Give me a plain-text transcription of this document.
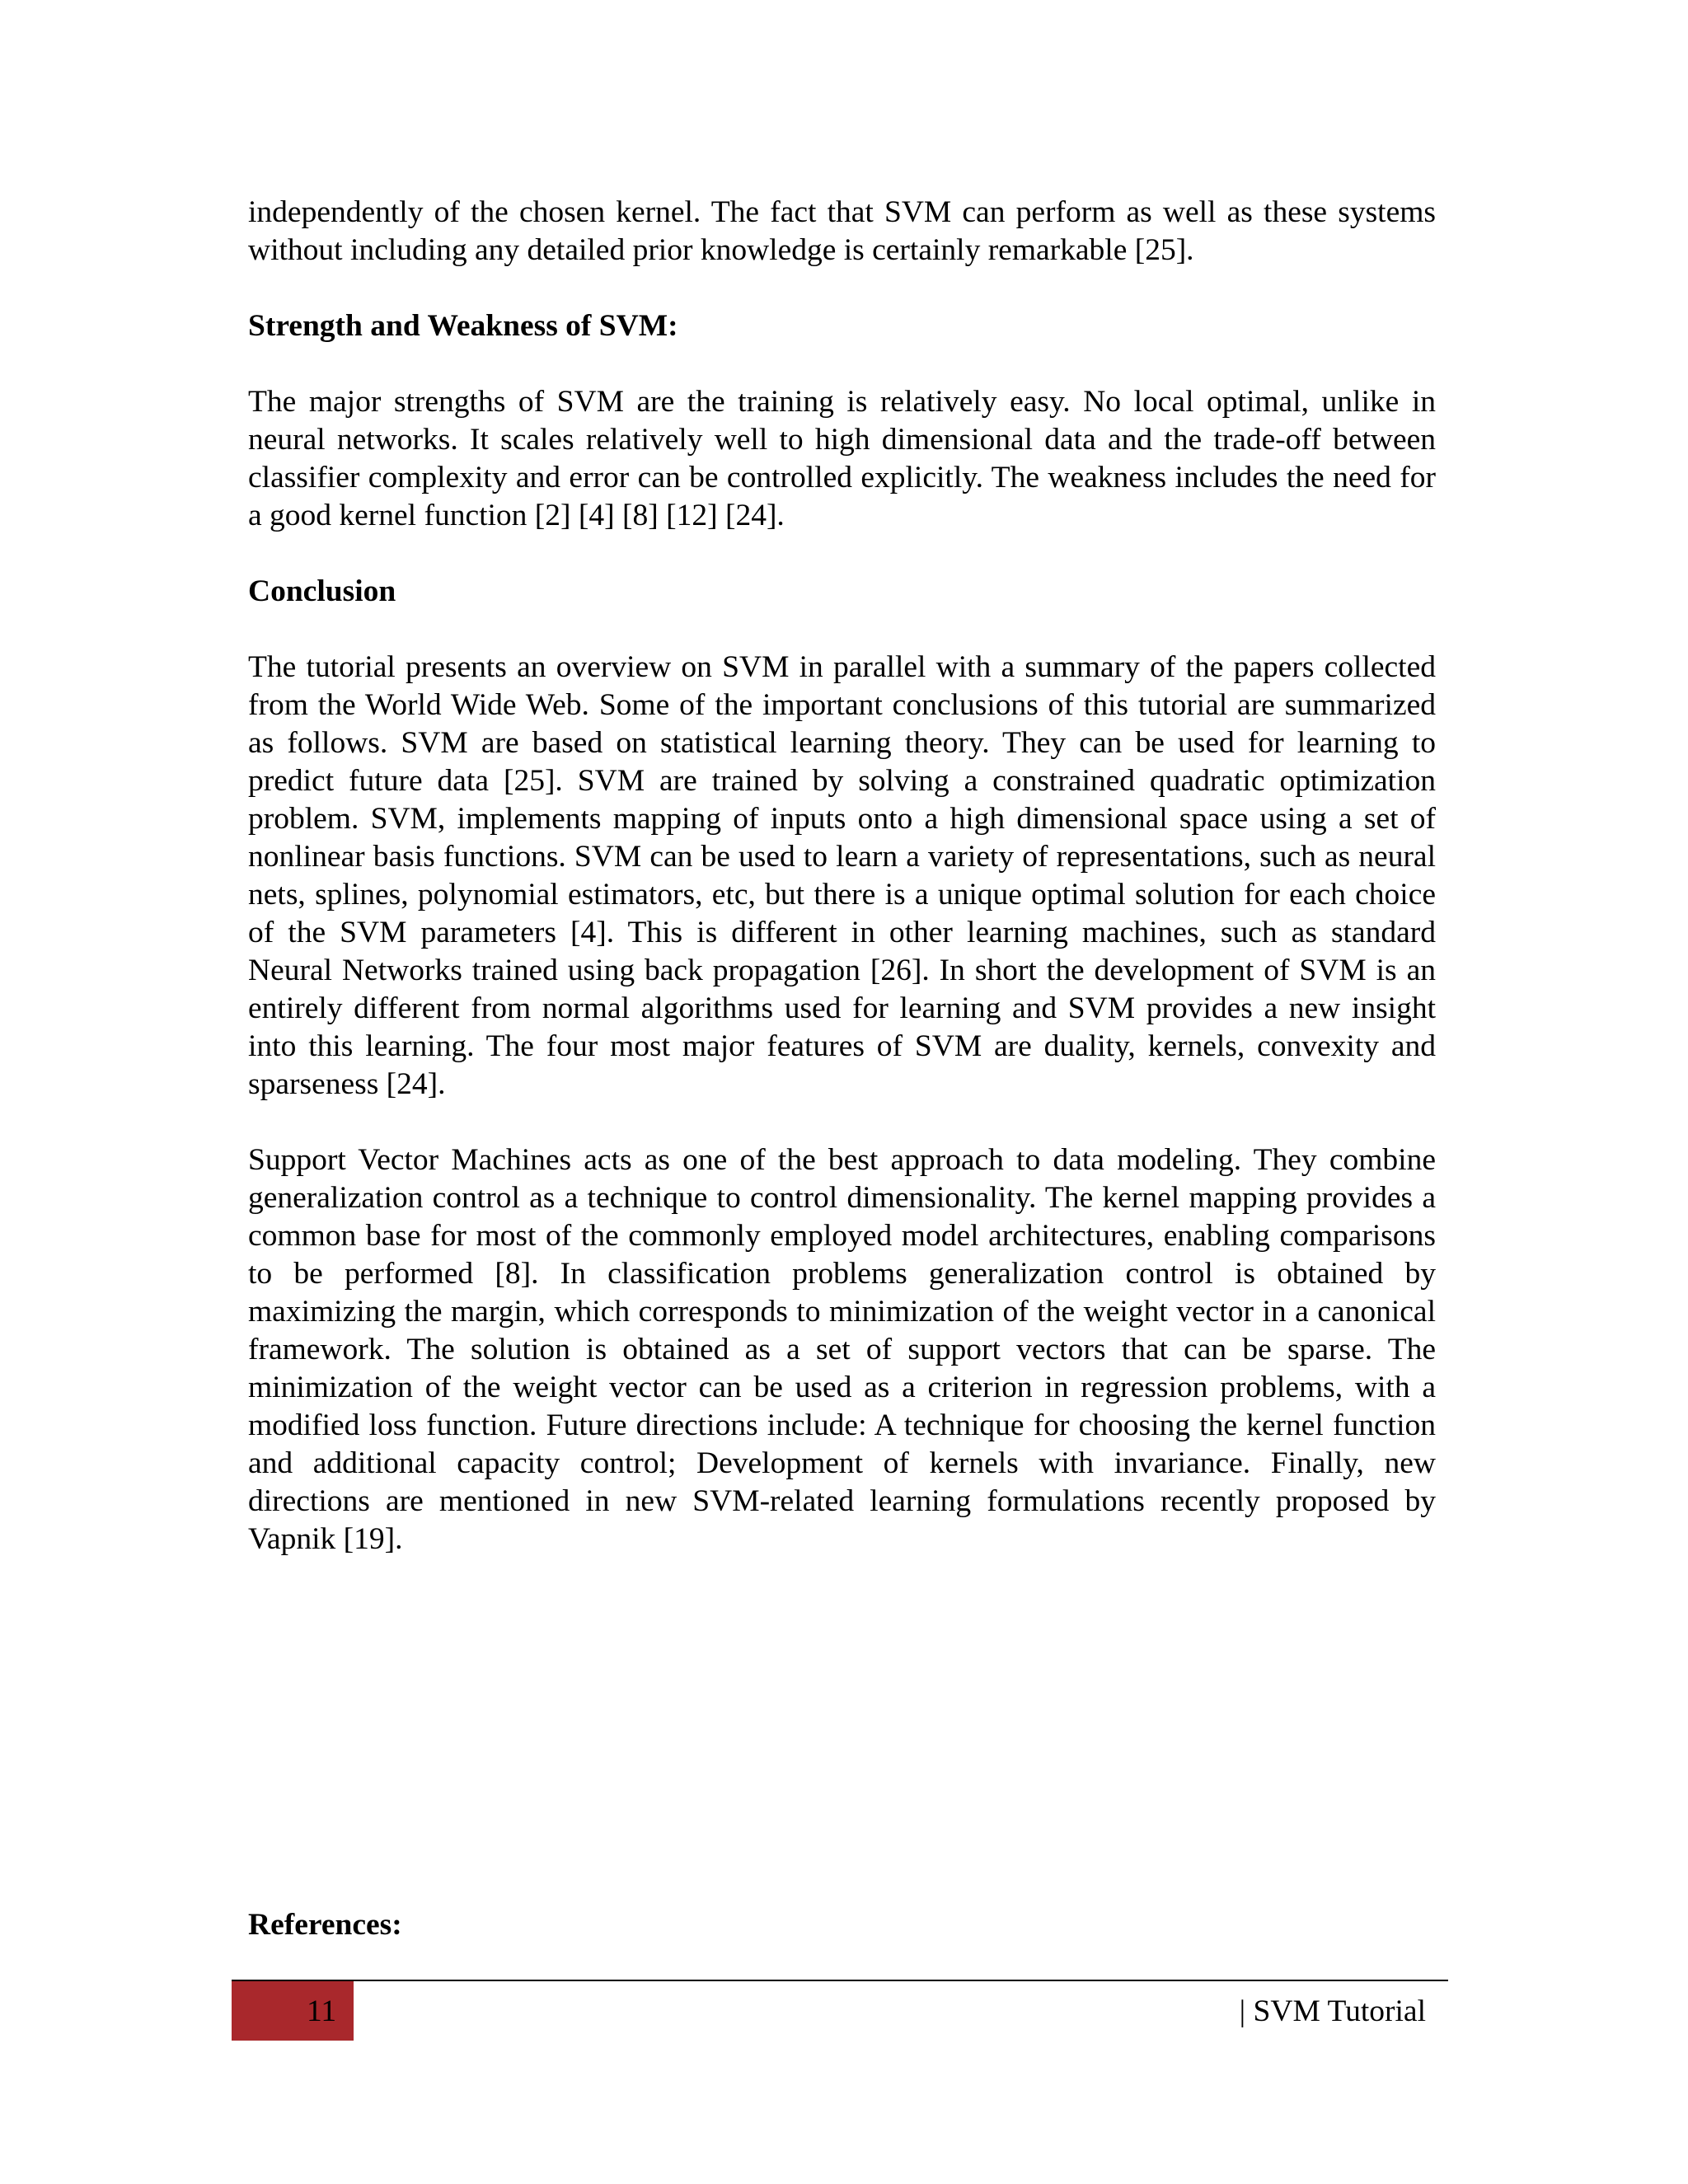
independently of the chosen kernel. The fact that SVM can perform as well as these systems without including any detailed prior knowledge is certainly remarkable [25].

Strength and Weakness of SVM:

The major strengths of SVM are the training is relatively easy. No local optimal, unlike in neural networks. It scales relatively well to high dimensional data and the trade-off between classifier complexity and error can be controlled explicitly. The weakness includes the need for a good kernel function [2] [4] [8] [12] [24].

Conclusion

The tutorial presents an overview on SVM in parallel with a summary of the papers collected from the World Wide Web. Some of the important conclusions of this tutorial are summarized as follows. SVM are based on statistical learning theory. They can be used for learning to predict future data [25]. SVM are trained by solving a constrained quadratic optimization problem. SVM, implements mapping of inputs onto a high dimensional space using a set of nonlinear basis functions. SVM can be used to learn a variety of representations, such as neural nets, splines, polynomial estimators, etc, but there is a unique optimal solution for each choice of the SVM parameters [4]. This is different in other learning machines, such as standard Neural Networks trained using back propagation [26]. In short the development of SVM is an entirely different from normal algorithms used for learning and SVM provides a new insight into this learning. The four most major features of SVM are duality, kernels, convexity and sparseness [24].

Support Vector Machines acts as one of the best approach to data modeling. They combine generalization control as a technique to control dimensionality. The kernel mapping provides a common base for most of the commonly employed model architectures, enabling comparisons to be performed [8]. In classification problems generalization control is obtained by maximizing the margin, which corresponds to minimization of the weight vector in a canonical framework. The solution is obtained as a set of support vectors that can be sparse. The minimization of the weight vector can be used as a criterion in regression problems, with a modified loss function. Future directions include: A technique for choosing the kernel function and additional capacity control; Development of kernels with invariance. Finally, new directions are mentioned in new SVM-related learning formulations recently proposed by Vapnik [19].

References:

11	| SVM Tutorial
